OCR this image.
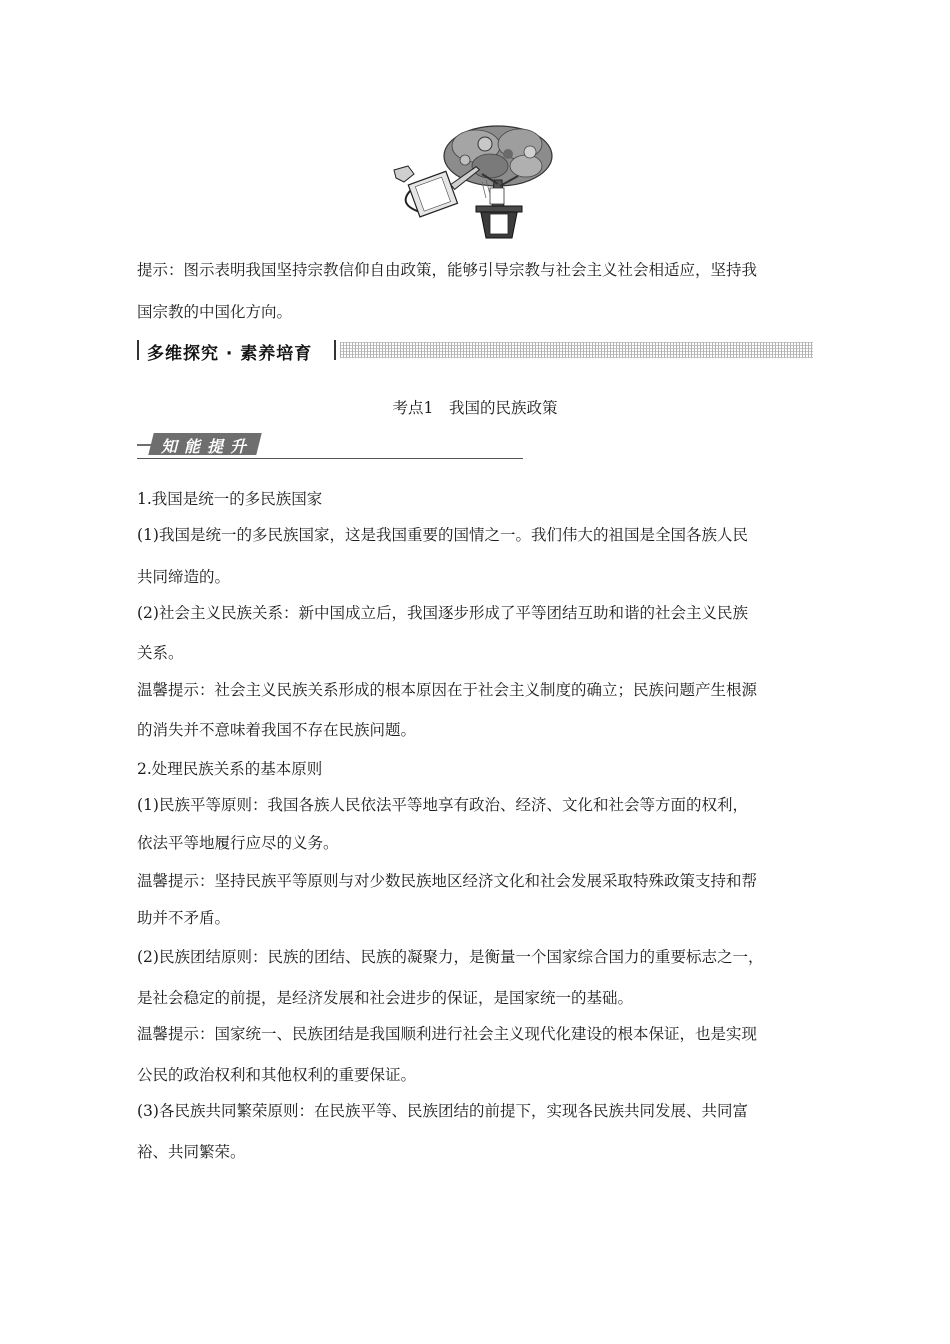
提示：图示表明我国坚持宗教信仰自由政策，能够引导宗教与社会主义社会相适应，坚持我
国宗教的中国化方向。
多维探究 · 素养培育
考点1　 我国的民族政策
知能提升
1.我国是统一的多民族国家
(1)我国是统一的多民族国家，这是我国重要的国情之一。我们伟大的祖国是全国各族人民
共同缔造的。
(2)社会主义民族关系：新中国成立后，我国逐步形成了平等团结互助和谐的社会主义民族
关系。
温馨提示：社会主义民族关系形成的根本原因在于社会主义制度的确立；民族问题产生根源
的消失并不意味着我国不存在民族问题。
2.处理民族关系的基本原则
(1)民族平等原则：我国各族人民依法平等地享有政治、经济、文化和社会等方面的权利，
依法平等地履行应尽的义务。
温馨提示：坚持民族平等原则与对少数民族地区经济文化和社会发展采取特殊政策支持和帮
助并不矛盾。
(2)民族团结原则：民族的团结、民族的凝聚力，是衡量一个国家综合国力的重要标志之一，
是社会稳定的前提，是经济发展和社会进步的保证，是国家统一的基础。
温馨提示：国家统一、民族团结是我国顺利进行社会主义现代化建设的根本保证，也是实现
公民的政治权利和其他权利的重要保证。
(3)各民族共同繁荣原则：在民族平等、民族团结的前提下，实现各民族共同发展、共同富
裕、共同繁荣。
